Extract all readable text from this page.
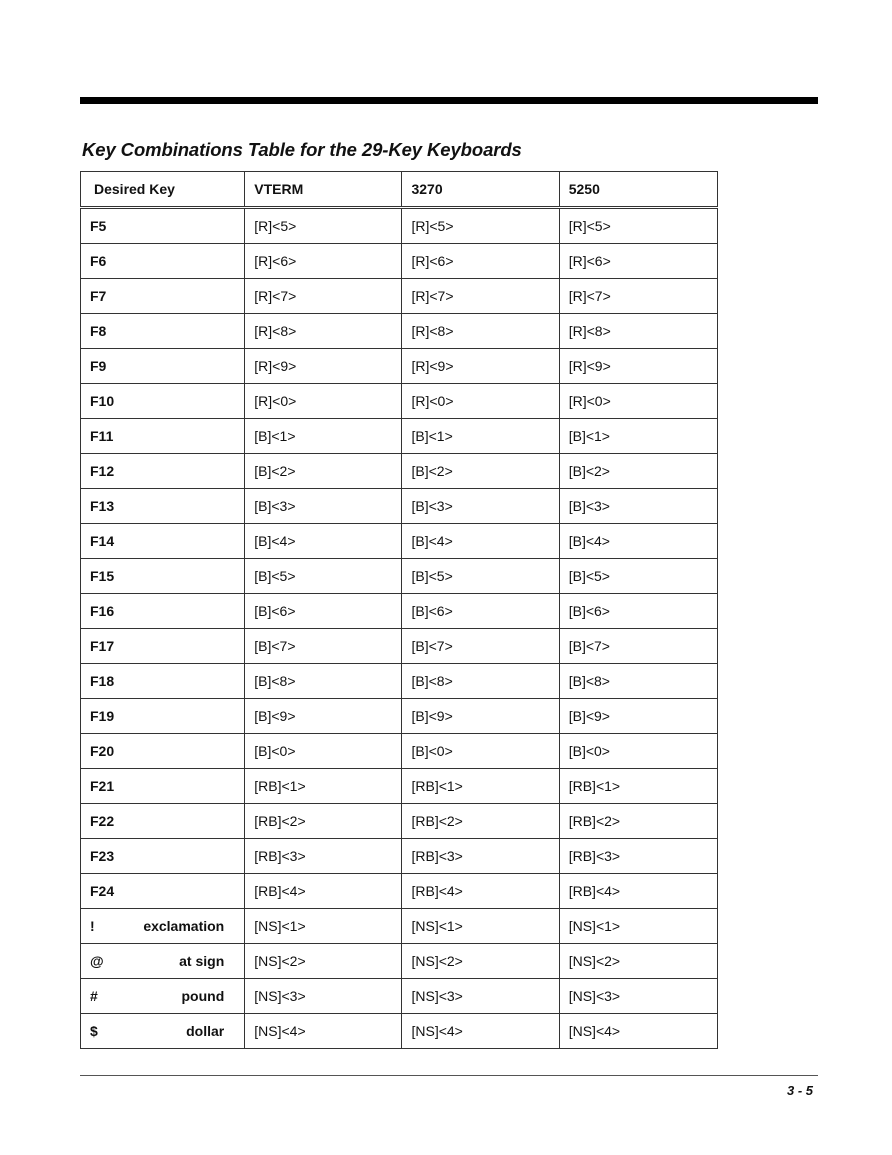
Key Combinations Table for the 29-Key Keyboards
Desired Key	VTERM	3270	5250
F5	[R]<5>	[R]<5>	[R]<5>
F6	[R]<6>	[R]<6>	[R]<6>
F7	[R]<7>	[R]<7>	[R]<7>
F8	[R]<8>	[R]<8>	[R]<8>
F9	[R]<9>	[R]<9>	[R]<9>
F10	[R]<0>	[R]<0>	[R]<0>
F11	[B]<1>	[B]<1>	[B]<1>
F12	[B]<2>	[B]<2>	[B]<2>
F13	[B]<3>	[B]<3>	[B]<3>
F14	[B]<4>	[B]<4>	[B]<4>
F15	[B]<5>	[B]<5>	[B]<5>
F16	[B]<6>	[B]<6>	[B]<6>
F17	[B]<7>	[B]<7>	[B]<7>
F18	[B]<8>	[B]<8>	[B]<8>
F19	[B]<9>	[B]<9>	[B]<9>
F20	[B]<0>	[B]<0>	[B]<0>
F21	[RB]<1>	[RB]<1>	[RB]<1>
F22	[RB]<2>	[RB]<2>	[RB]<2>
F23	[RB]<3>	[RB]<3>	[RB]<3>
F24	[RB]<4>	[RB]<4>	[RB]<4>

! exclamation	[NS]<1>	[NS]<1>	[NS]<1>

@ at sign	[NS]<2>	[NS]<2>	[NS]<2>

# pound	[NS]<3>	[NS]<3>	[NS]<3>

$ dollar	[NS]<4>	[NS]<4>	[NS]<4>
3 - 5
